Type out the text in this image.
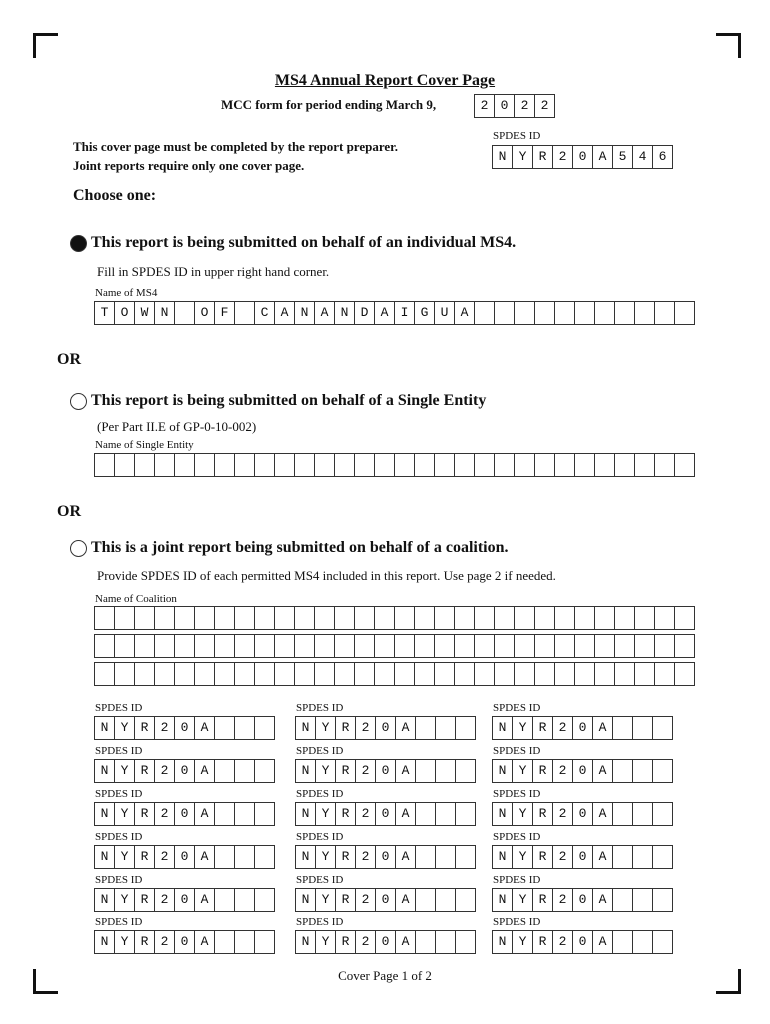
MS4 Annual Report Cover Page
MCC form for period ending March 9,	2 0 2 2
This cover page must be completed by the report preparer.
Joint reports require only one cover page.
SPDES ID
N Y R 2 0 A 5 4 6
Choose one:
This report is being submitted on behalf of an individual MS4.
Fill in SPDES ID in upper right hand corner.
Name of MS4
T O W N	O F	C A N A N D A I G U A
OR
This report is being submitted on behalf of a Single Entity
(Per Part II.E of GP-0-10-002)
Name of Single Entity
OR
This is a joint report being submitted on behalf of a coalition.
Provide SPDES ID of each permitted MS4 included in this report. Use page 2 if needed.
Name of Coalition
SPDES ID
N Y R 2 0 A
SPDES ID
N Y R 2 0 A
SPDES ID
N Y R 2 0 A
SPDES ID
N Y R 2 0 A
SPDES ID
N Y R 2 0 A
SPDES ID
N Y R 2 0 A
SPDES ID
N Y R 2 0 A
SPDES ID
N Y R 2 0 A
SPDES ID
N Y R 2 0 A
SPDES ID
N Y R 2 0 A
SPDES ID
N Y R 2 0 A
SPDES ID
N Y R 2 0 A
SPDES ID
N Y R 2 0 A
SPDES ID
N Y R 2 0 A
SPDES ID
N Y R 2 0 A
SPDES ID
N Y R 2 0 A
SPDES ID
N Y R 2 0 A
SPDES ID
N Y R 2 0 A
Cover Page 1 of 2
